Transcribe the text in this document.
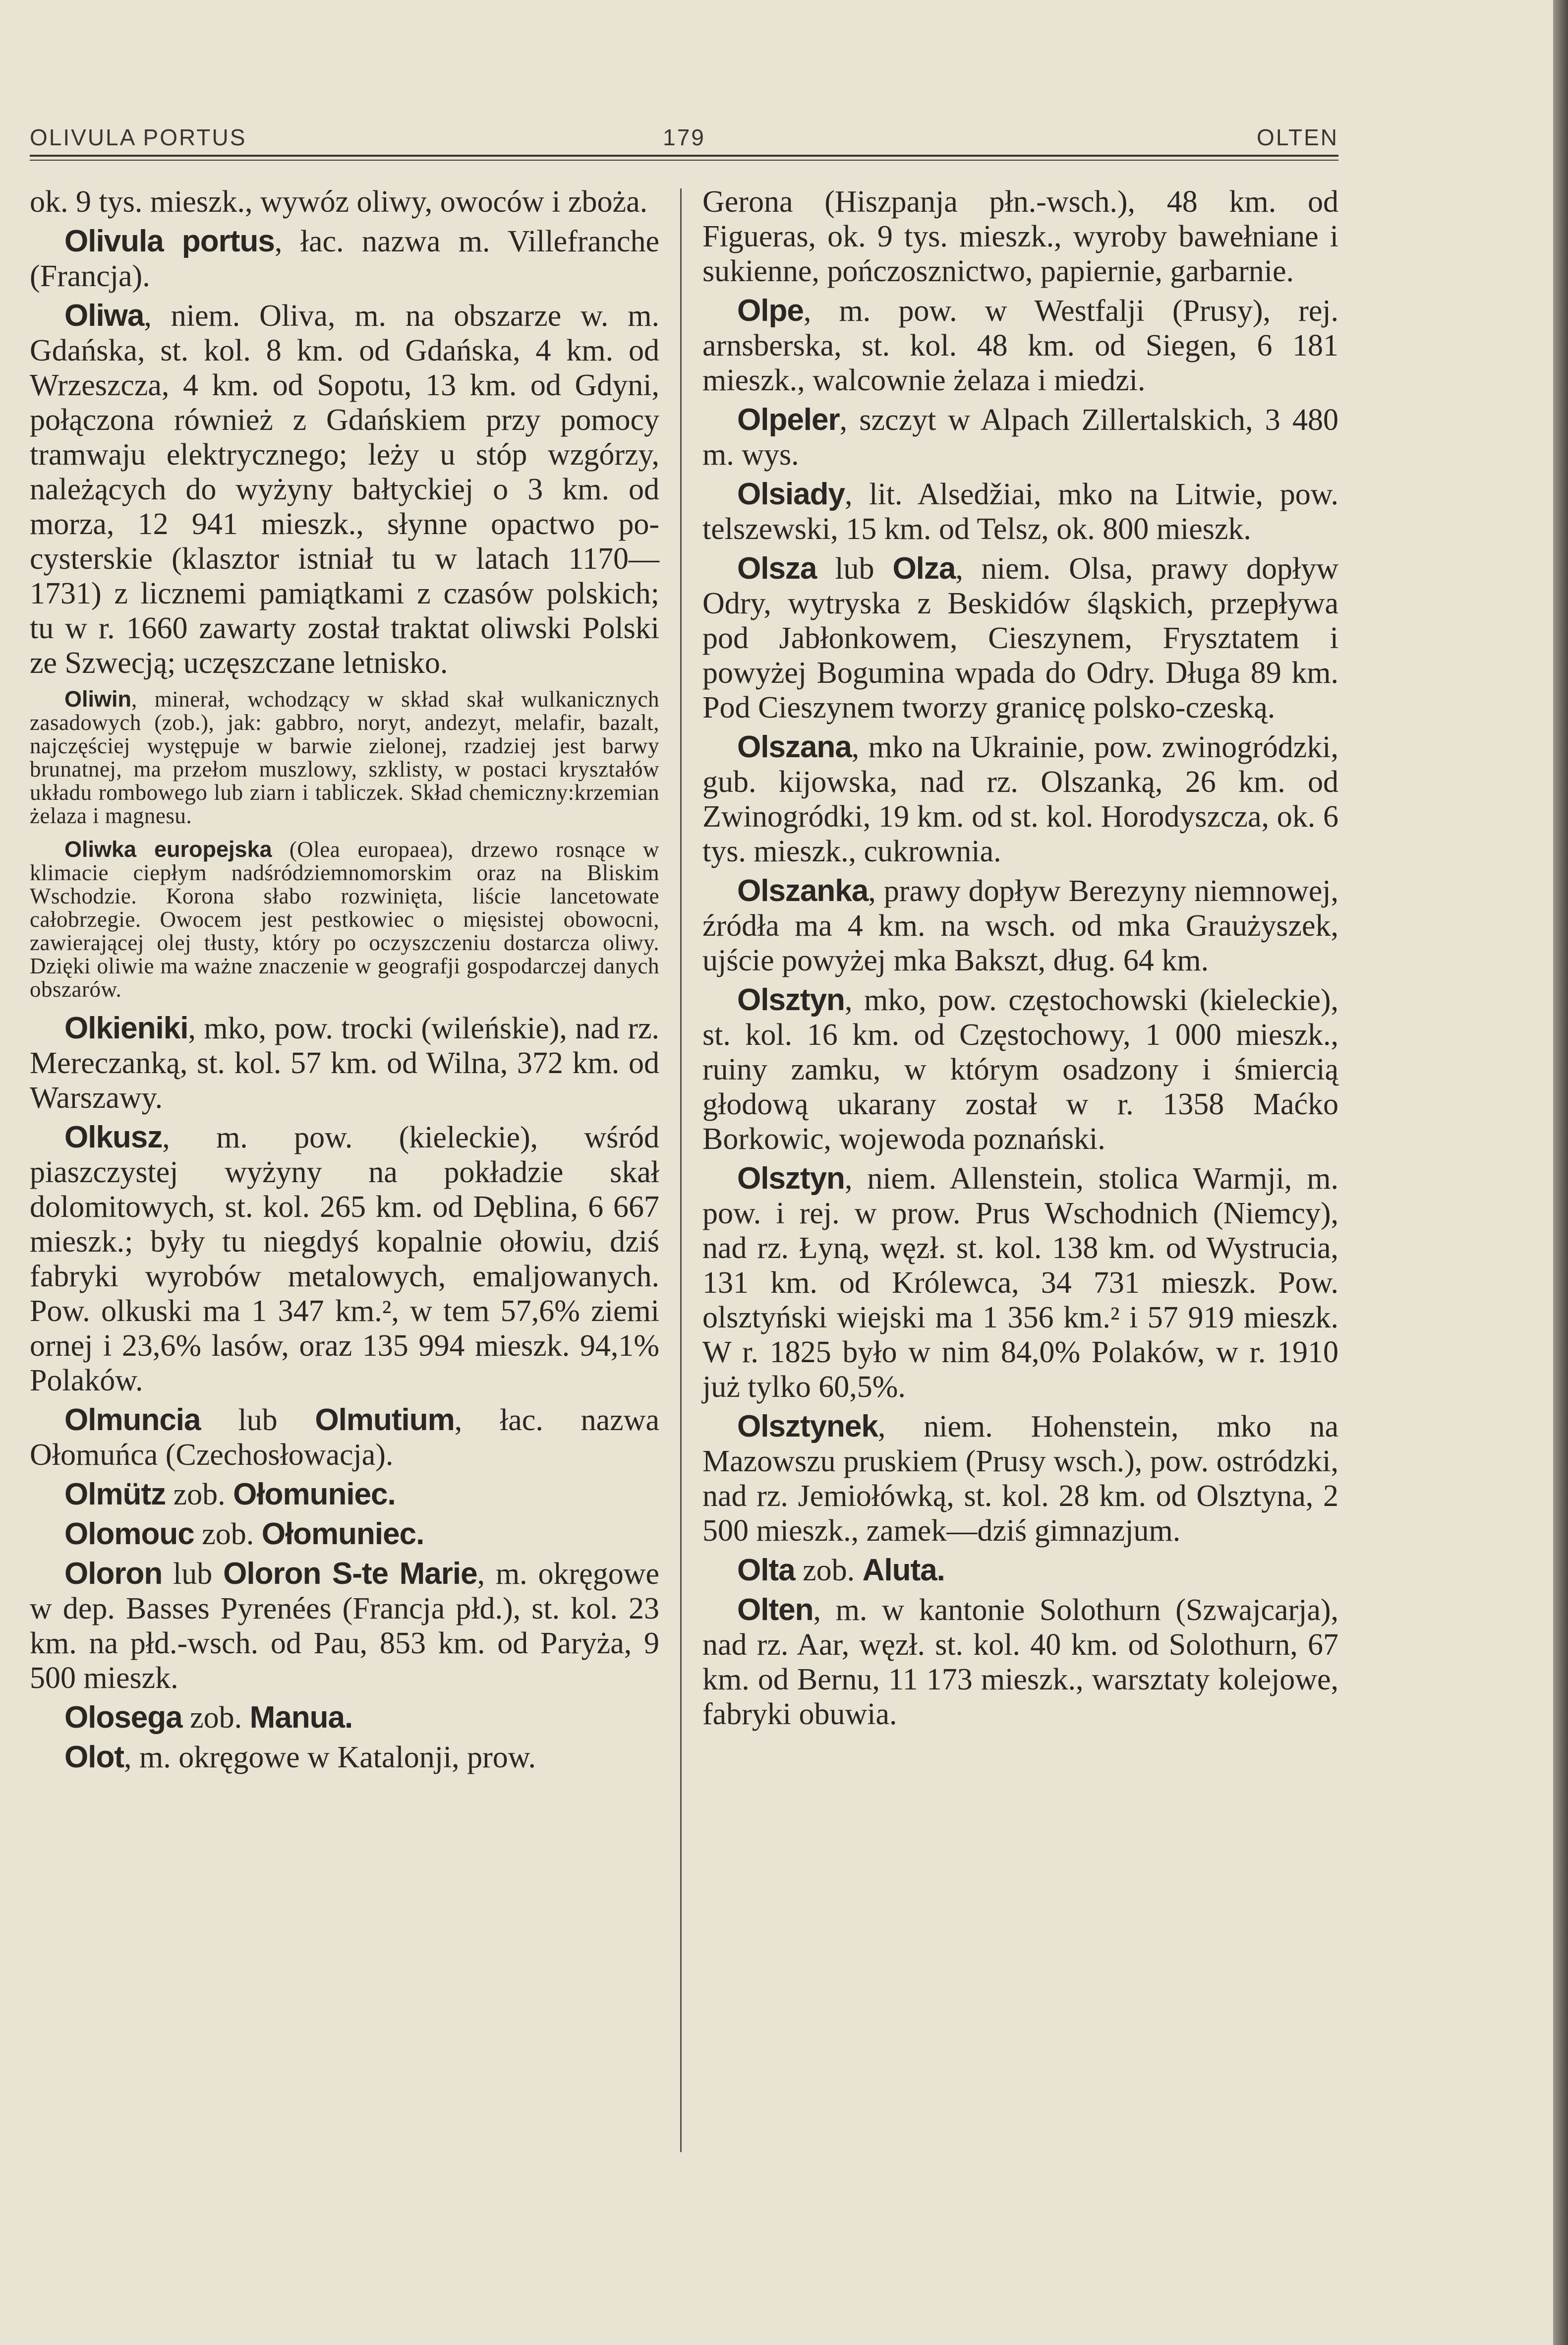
OLIVULA PORTUS	179	OLTEN

ok. 9 tys. mieszk., wywóz oliwy, owoców i zboża.

Olivula portus, łac. nazwa m. Villefranche (Francja).

Oliwa, niem. Oliva, m. na obszarze w. m. Gdańska, st. kol. 8 km. od Gdańska, 4 km. od Wrzeszcza, 4 km. od Sopotu, 13 km. od Gdyni, połączona również z Gdańskiem przy pomocy tramwaju elektrycznego; leży u stóp wzgórzy, należących do wyżyny bałtyckiej o 3 km. od morza, 12 941 mieszk., słynne opactwo po-cysterskie (klasztor istniał tu w latach 1170—1731) z licznemi pamiątkami z czasów polskich; tu w r. 1660 zawarty został traktat oliwski Polski ze Szwecją; uczęszczane letnisko.

Oliwin, minerał, wchodzący w skład skał wulkanicznych zasadowych (zob.), jak: gabbro, noryt, andezyt, melafir, bazalt, najczęściej występuje w barwie zielonej, rzadziej jest barwy brunatnej, ma przełom muszlowy, szklisty, w postaci kryształów układu rombowego lub ziarn i tabliczek. Skład chemiczny:krzemian żelaza i magnesu.

Oliwka europejska (Olea europaea), drzewo rosnące w klimacie ciepłym nadśródziemnomorskim oraz na Bliskim Wschodzie. Korona słabo rozwinięta, liście lancetowate całobrzegie. Owocem jest pestkowiec o mięsistej obowocni, zawierającej olej tłusty, który po oczyszczeniu dostarcza oliwy. Dzięki oliwie ma ważne znaczenie w geografji gospodarczej danych obszarów.

Olkieniki, mko, pow. trocki (wileńskie), nad rz. Mereczanką, st. kol. 57 km. od Wilna, 372 km. od Warszawy.

Olkusz, m. pow. (kieleckie), wśród piaszczystej wyżyny na pokładzie skał dolomitowych, st. kol. 265 km. od Dęblina, 6 667 mieszk.; były tu niegdyś kopalnie ołowiu, dziś fabryki wyrobów metalowych, emaljowanych. Pow. olkuski ma 1 347 km.², w tem 57,6% ziemi ornej i 23,6% lasów, oraz 135 994 mieszk. 94,1% Polaków.

Olmuncia lub Olmutium, łac. nazwa Ołomuńca (Czechosłowacja).

Olmütz zob. Ołomuniec.

Olomouc zob. Ołomuniec.

Oloron lub Oloron S-te Marie, m. okręgowe w dep. Basses Pyrenées (Francja płd.), st. kol. 23 km. na płd.-wsch. od Pau, 853 km. od Paryża, 9 500 mieszk.

Olosega zob. Manua.

Olot, m. okręgowe w Katalonji, prow.

Gerona (Hiszpanja płn.-wsch.), 48 km. od Figueras, ok. 9 tys. mieszk., wyroby bawełniane i sukienne, pończosznictwo, papiernie, garbarnie.

Olpe, m. pow. w Westfalji (Prusy), rej. arnsberska, st. kol. 48 km. od Siegen, 6 181 mieszk., walcownie żelaza i miedzi.

Olpeler, szczyt w Alpach Zillertalskich, 3 480 m. wys.

Olsiady, lit. Alsedžiai, mko na Litwie, pow. telszewski, 15 km. od Telsz, ok. 800 mieszk.

Olsza lub Olza, niem. Olsa, prawy dopływ Odry, wytryska z Beskidów śląskich, przepływa pod Jabłonkowem, Cieszynem, Frysztatem i powyżej Bogumina wpada do Odry. Długa 89 km. Pod Cieszynem tworzy granicę polsko-czeską.

Olszana, mko na Ukrainie, pow. zwinogródzki, gub. kijowska, nad rz. Olszanką, 26 km. od Zwinogródki, 19 km. od st. kol. Horodyszcza, ok. 6 tys. mieszk., cukrownia.

Olszanka, prawy dopływ Berezyny niemnowej, źródła ma 4 km. na wsch. od mka Graużyszek, ujście powyżej mka Bakszt, dług. 64 km.

Olsztyn, mko, pow. częstochowski (kieleckie), st. kol. 16 km. od Częstochowy, 1 000 mieszk., ruiny zamku, w którym osadzony i śmiercią głodową ukarany został w r. 1358 Maćko Borkowic, wojewoda poznański.

Olsztyn, niem. Allenstein, stolica Warmji, m. pow. i rej. w prow. Prus Wschodnich (Niemcy), nad rz. Łyną, węzł. st. kol. 138 km. od Wystrucia, 131 km. od Królewca, 34 731 mieszk. Pow. olsztyński wiejski ma 1 356 km.² i 57 919 mieszk. W r. 1825 było w nim 84,0% Polaków, w r. 1910 już tylko 60,5%.

Olsztynek, niem. Hohenstein, mko na Mazowszu pruskiem (Prusy wsch.), pow. ostródzki, nad rz. Jemiołówką, st. kol. 28 km. od Olsztyna, 2 500 mieszk., zamek—dziś gimnazjum.

Olta zob. Aluta.

Olten, m. w kantonie Solothurn (Szwajcarja), nad rz. Aar, węzł. st. kol. 40 km. od Solothurn, 67 km. od Bernu, 11 173 mieszk., warsztaty kolejowe, fabryki obuwia.
